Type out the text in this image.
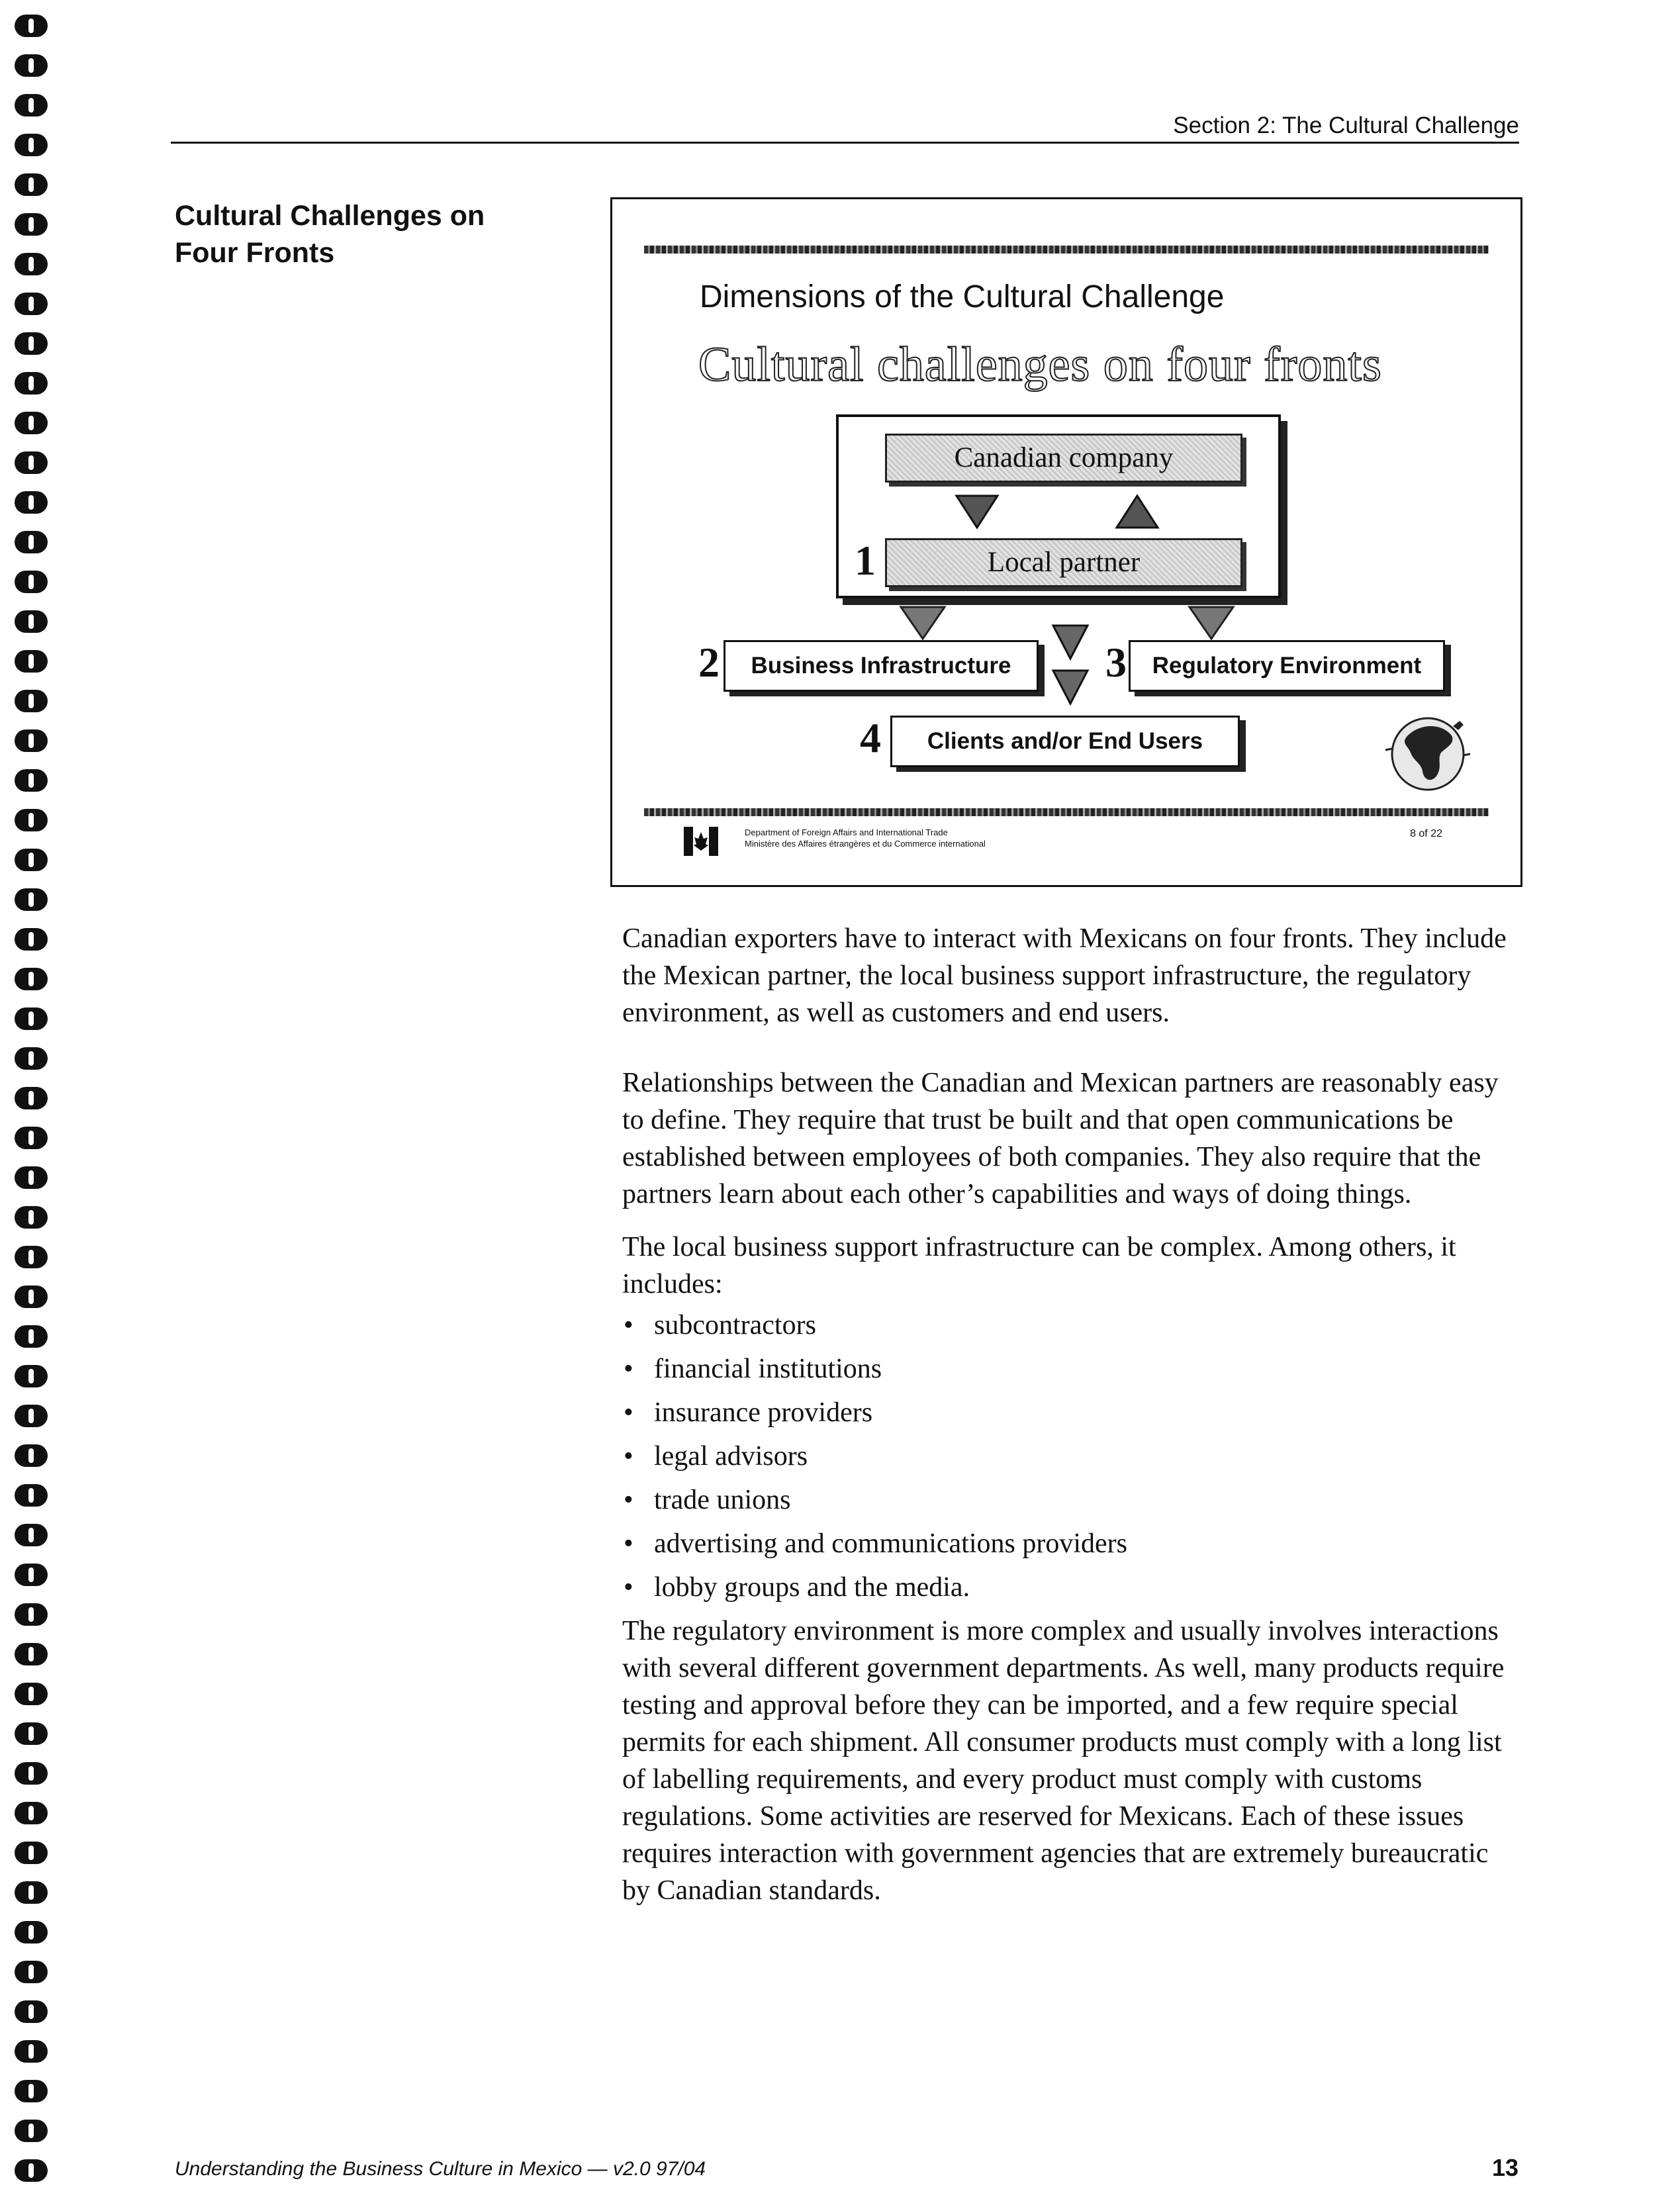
Section 2: The Cultural Challenge
Cultural Challenges on Four Fronts
Dimensions of the Cultural Challenge
Cultural challenges on four fronts
Canadian company
1	Local partner
2	Business Infrastructure	3	Regulatory Environment
4	Clients and/or End Users
Department of Foreign Affairs and International Trade
Ministère des Affaires étrangères et du Commerce international
8 of 22

Canadian exporters have to interact with Mexicans on four fronts. They include the Mexican partner, the local business support infrastructure, the regulatory environment, as well as customers and end users.

Relationships between the Canadian and Mexican partners are reasonably easy to define. They require that trust be built and that open communications be established between employees of both companies. They also require that the partners learn about each other’s capabilities and ways of doing things.

The local business support infrastructure can be complex. Among others, it includes:

• subcontractors
• financial institutions
• insurance providers
• legal advisors
• trade unions
• advertising and communications providers
• lobby groups and the media.

The regulatory environment is more complex and usually involves interactions with several different government departments. As well, many products require testing and approval before they can be imported, and a few require special permits for each shipment. All consumer products must comply with a long list of labelling requirements, and every product must comply with customs regulations. Some activities are reserved for Mexicans. Each of these issues requires interaction with government agencies that are extremely bureaucratic by Canadian standards.

Understanding the Business Culture in Mexico — v2.0 97/04	13
